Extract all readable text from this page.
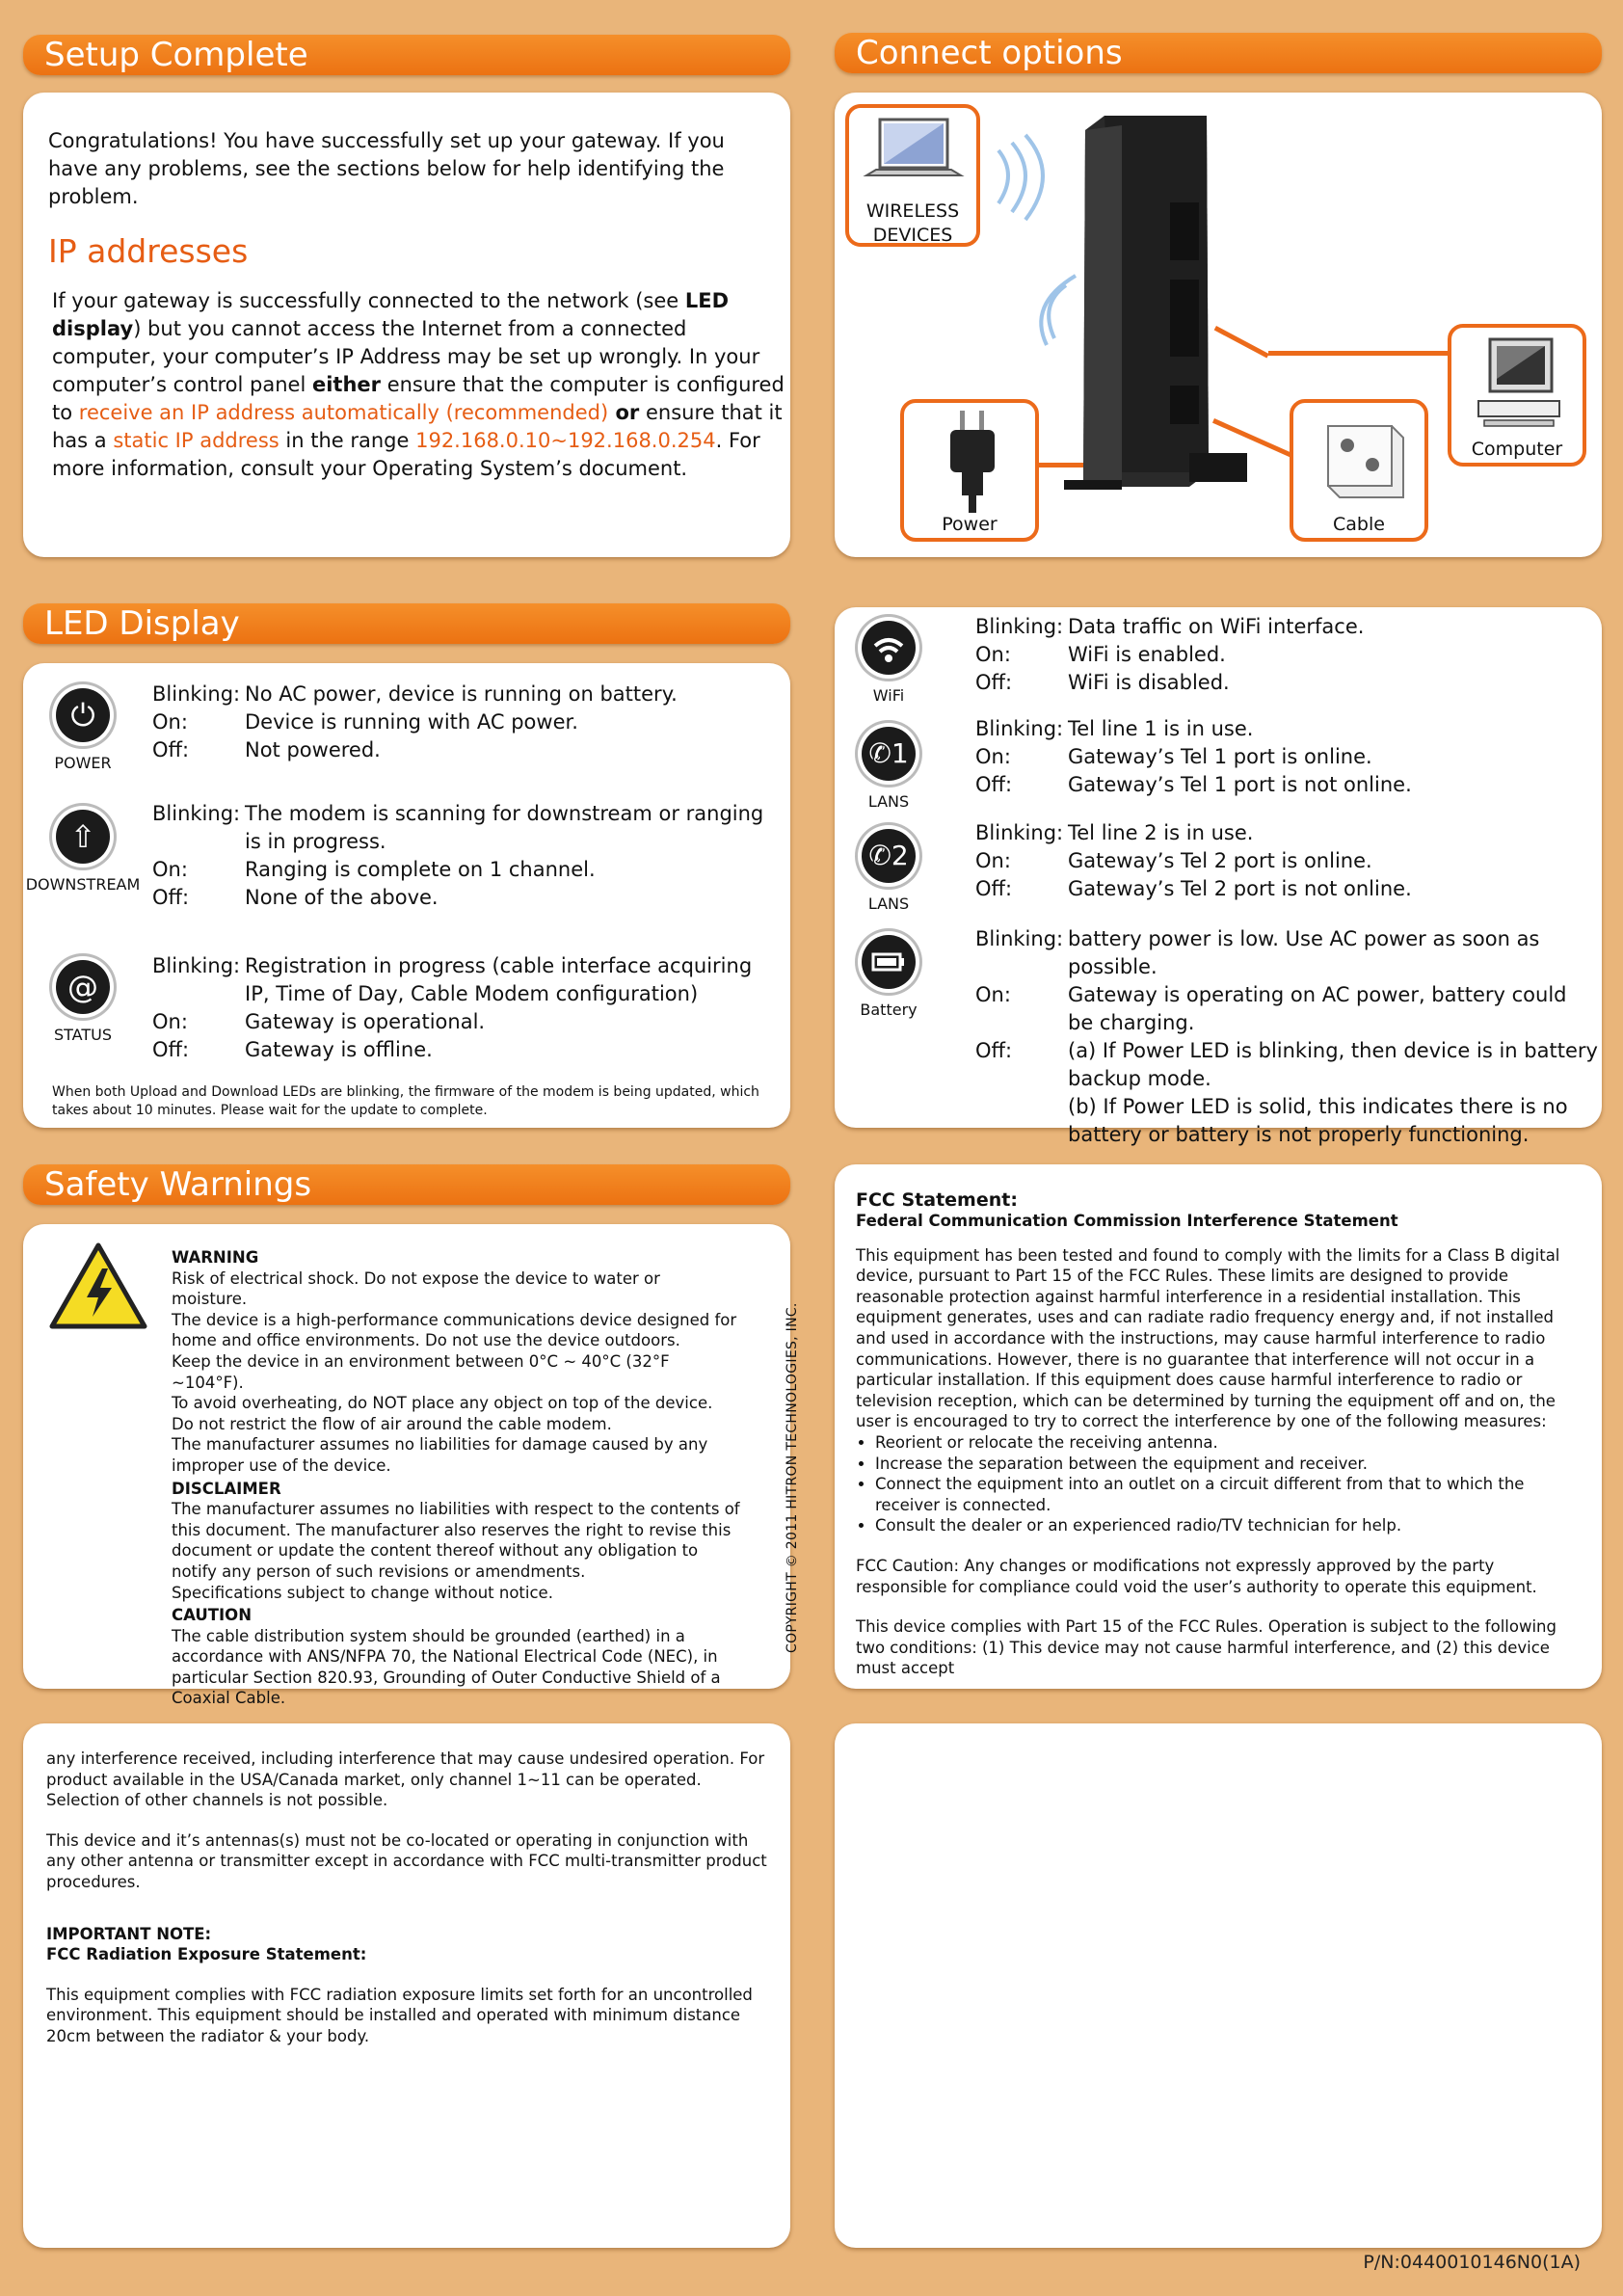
Setup Complete

Congratulations! You have successfully set up your gateway. If you have any problems, see the sections below for help identifying the problem.

IP addresses

If your gateway is successfully connected to the network (see LED display) but you cannot access the Internet from a connected computer, your computer’s IP Address may be set up wrongly. In your computer’s control panel either ensure that the computer is configured to receive an IP address automatically (recommended) or ensure that it has a static IP address in the range 192.168.0.10~192.168.0.254. For more information, consult your Operating System’s document.

Connect options
WIRELESS
DEVICES
Computer
Power	Cable
LED Display
⏻
POWER
Blinking: No AC power, device is running on battery.
On:	Device is running with AC power.
Off:	Not powered.
⇧
DOWNSTREAM
Blinking: The modem is scanning for downstream or ranging is in progress.
On:	Ranging is complete on 1 channel.
Off:	None of the above.
@
STATUS
Blinking: Registration in progress (cable interface acquiring IP, Time of Day, Cable Modem configuration)
On:	Gateway is operational.
Off:	Gateway is offline.

When both Upload and Download LEDs are blinking, the firmware of the modem is being updated, which takes about 10 minutes. Please wait for the update to complete.

WiFi
Blinking: Data traffic on WiFi interface.
On:	WiFi is enabled.
Off:	WiFi is disabled.
✆1
LANS
Blinking: Tel line 1 is in use.
On:	Gateway’s Tel 1 port is online.
Off:	Gateway’s Tel 1 port is not online.
✆2
LANS
Blinking: Tel line 2 is in use.
On:	Gateway’s Tel 2 port is online.
Off:	Gateway’s Tel 2 port is not online.
Battery
Blinking: battery power is low. Use AC power as soon as possible.
On:	Gateway is operating on AC power, battery could be charging.
Off:	(a) If Power LED is blinking, then device is in battery backup mode.
(b) If Power LED is solid, this indicates there is no battery or battery is not properly functioning.
Safety Warnings
WARNING
Risk of electrical shock. Do not expose the device to water or moisture.
The device is a high-performance communications device designed for home and office environments. Do not use the device outdoors.
Keep the device in an environment between 0°C ~ 40°C (32°F ~104°F).
To avoid overheating, do NOT place any object on top of the device.
Do not restrict the flow of air around the cable modem.
The manufacturer assumes no liabilities for damage caused by any improper use of the device.
DISCLAIMER
The manufacturer assumes no liabilities with respect to the contents of this document. The manufacturer also reserves the right to revise this document or update the content thereof without any obligation to notify any person of such revisions or amendments.
Specifications subject to change without notice.
CAUTION
The cable distribution system should be grounded (earthed) in a accordance with ANS/NFPA 70, the National Electrical Code (NEC), in particular Section 820.93, Grounding of Outer Conductive Shield of a Coaxial Cable.
COPYRIGHT © 2011 HITRON TECHNOLOGIES, INC.
FCC Statement:
Federal Communication Commission Interference Statement

This equipment has been tested and found to comply with the limits for a Class B digital device, pursuant to Part 15 of the FCC Rules. These limits are designed to provide reasonable protection against harmful interference in a residential installation. This equipment generates, uses and can radiate radio frequency energy and, if not installed and used in accordance with the instructions, may cause harmful interference to radio communications. However, there is no guarantee that interference will not occur in a particular installation. If this equipment does cause harmful interference to radio or television reception, which can be determined by turning the equipment off and on, the user is encouraged to try to correct the interference by one of the following measures:

• Reorient or relocate the receiving antenna.
• Increase the separation between the equipment and receiver.
• Connect the equipment into an outlet on a circuit different from that to which the receiver is connected.
• Consult the dealer or an experienced radio/TV technician for help.

FCC Caution: Any changes or modifications not expressly approved by the party responsible for compliance could void the user’s authority to operate this equipment.

This device complies with Part 15 of the FCC Rules. Operation is subject to the following two conditions: (1) This device may not cause harmful interference, and (2) this device must accept

any interference received, including interference that may cause undesired operation. For product available in the USA/Canada market, only channel 1~11 can be operated. Selection of other channels is not possible.

This device and it’s antennas(s) must not be co-located or operating in conjunction with any other antenna or transmitter except in accordance with FCC multi-transmitter product procedures.

IMPORTANT NOTE:
FCC Radiation Exposure Statement:

This equipment complies with FCC radiation exposure limits set forth for an uncontrolled environment. This equipment should be installed and operated with minimum distance 20cm between the radiator & your body.

P/N:0440010146N0(1A)
